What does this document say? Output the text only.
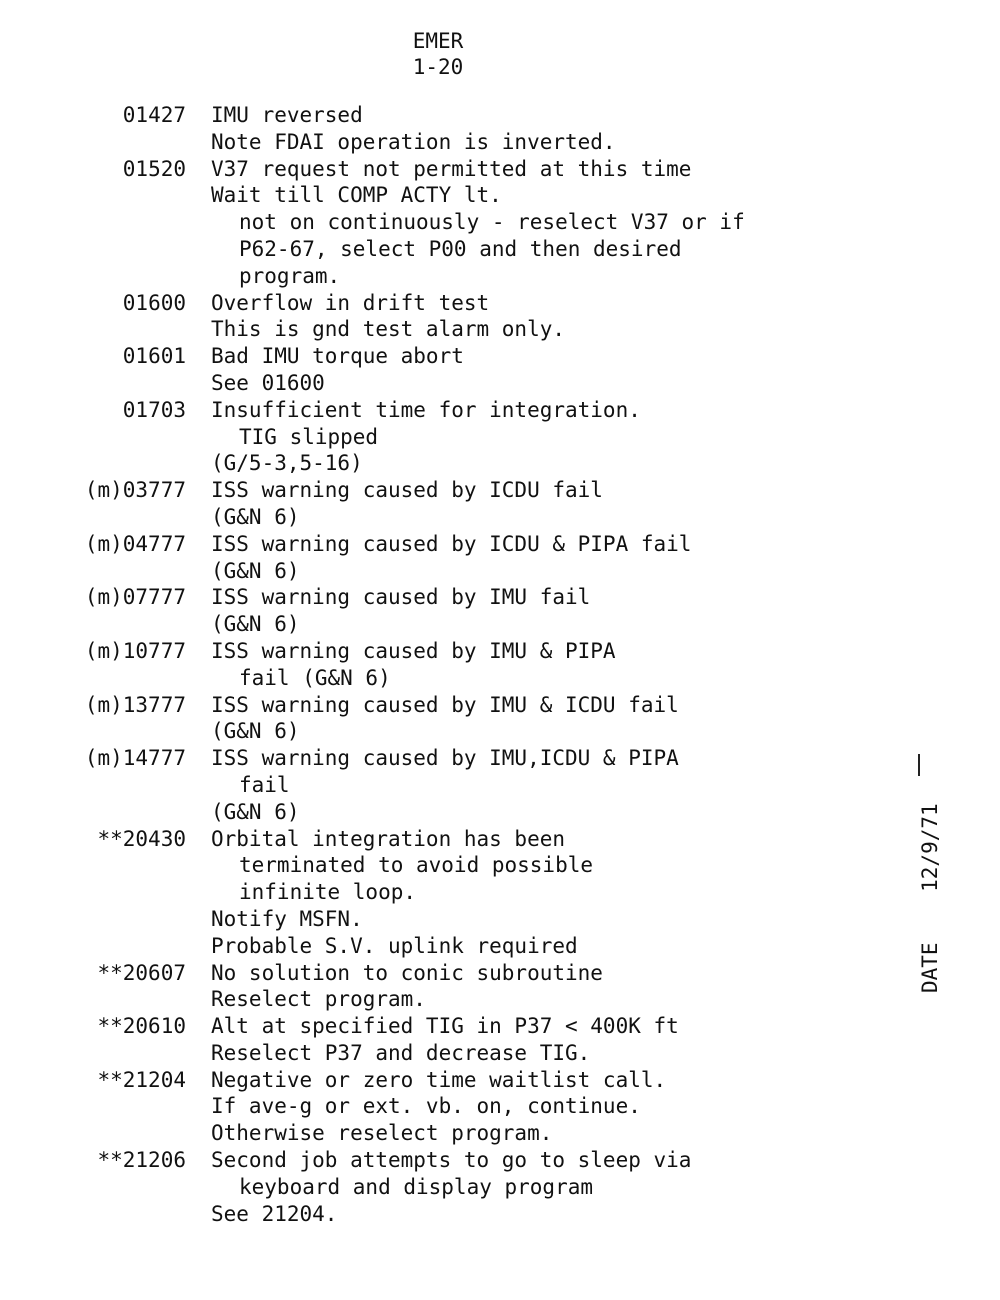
EMER
1-20
01427	IMU reversed
Note FDAI operation is inverted.
01520	V37 request not permitted at this time
Wait till COMP ACTY lt.
not on continuously - reselect V37 or if
P62-67, select P00 and then desired
program.
01600	Overflow in drift test
This is gnd test alarm only.
01601	Bad IMU torque abort
See 01600
01703	Insufficient time for integration.
TIG slipped
(G/5-3,5-16)
(m)03777	ISS warning caused by ICDU fail
(G&N 6)
(m)04777	ISS warning caused by ICDU & PIPA fail
(G&N 6)
(m)07777	ISS warning caused by IMU fail
(G&N 6)
(m)10777	ISS warning caused by IMU & PIPA
fail (G&N 6)
(m)13777	ISS warning caused by IMU & ICDU fail
(G&N 6)
(m)14777	ISS warning caused by IMU,ICDU & PIPA
fail
(G&N 6)
**20430	Orbital integration has been
terminated to avoid possible
infinite loop.
Notify MSFN.
Probable S.V. uplink required
**20607	No solution to conic subroutine
Reselect program.
**20610	Alt at specified TIG in P37 < 400K ft
Reselect P37 and decrease TIG.
**21204	Negative or zero time waitlist call.
If ave-g or ext. vb. on, continue.
Otherwise reselect program.
**21206	Second job attempts to go to sleep via
keyboard and display program
See 21204.
DATE    12/9/71
